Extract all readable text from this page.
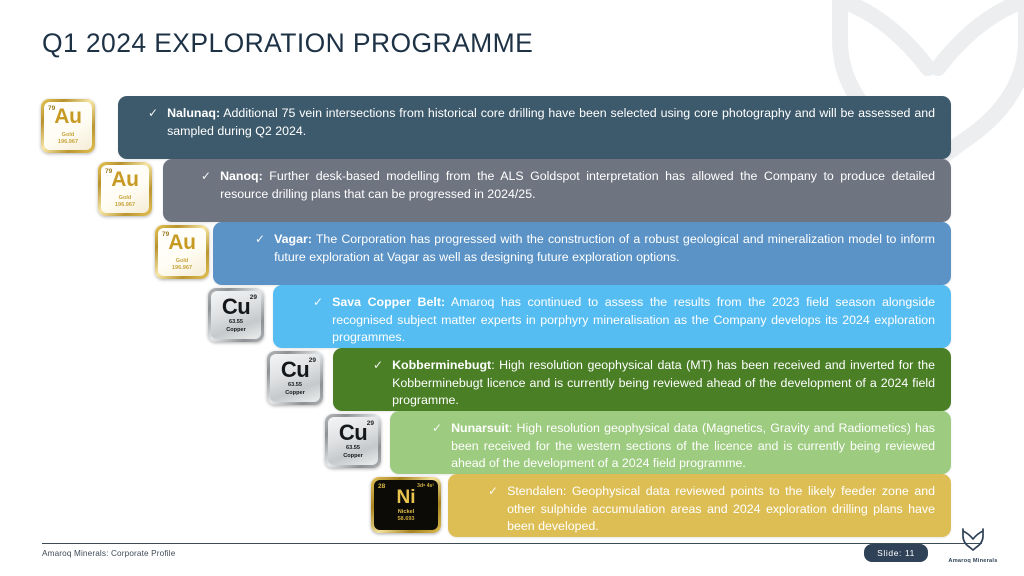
Q1 2024 EXPLORATION PROGRAMME
✓ Nalunaq: Additional 75 vein intersections from historical core drilling have been selected using core photography and will be assessed and sampled during Q2 2024.
79 Au
Gold
196.967
✓ Nanoq: Further desk-based modelling from the ALS Goldspot interpretation has allowed the Company to produce detailed resource drilling plans that can be progressed in 2024/25.
79 Au
Gold
196.967
✓ Vagar: The Corporation has progressed with the construction of a robust geological and mineralization model to inform future exploration at Vagar as well as designing future exploration options.
79 Au
Gold
196.967
✓ Sava Copper Belt: Amaroq has continued to assess the results from the 2023 field season alongside recognised subject matter experts in porphyry mineralisation as the Company develops its 2024 exploration programmes.
29
Cu
63.55
Copper
✓ Kobberminebugt: High resolution geophysical data (MT) has been received and inverted for the Kobberminebugt licence and is currently being reviewed ahead of the development of a 2024 field programme.
29
Cu
63.55
Copper
✓ Nunarsuit: High resolution geophysical data (Magnetics, Gravity and Radiometics) has been received for the western sections of the licence and is currently being reviewed ahead of the development of a 2024 field programme.
29
Cu
63.55
Copper
✓ Stendalen: Geophysical data reviewed points to the likely feeder zone and other sulphide accumulation areas and 2024 exploration drilling plans have been developed.
28	3d⁸ 4s²
Ni
Nickel
58.693
Amaroq Minerals: Corporate Profile	Slide: 11
Amaroq Minerals
